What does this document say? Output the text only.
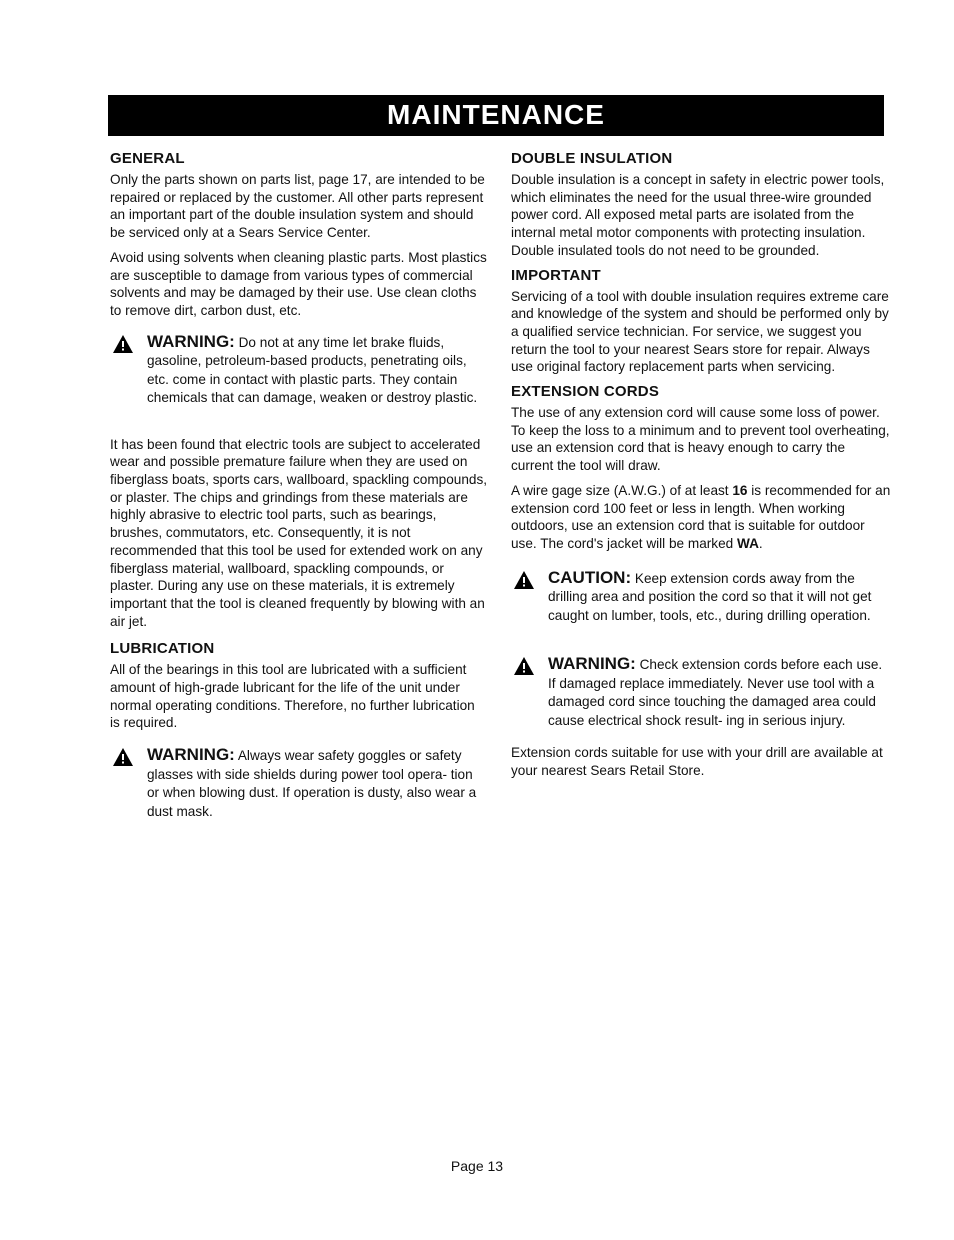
MAINTENANCE
GENERAL

Only the parts shown on parts list, page 17, are intended to be repaired or replaced by the customer. All other parts represent an important part of the double insulation system and should be serviced only at a Sears Service Center.

Avoid using solvents when cleaning plastic parts. Most plastics are susceptible to damage from various types of commercial solvents and may be damaged by their use. Use clean cloths to remove dirt, carbon dust, etc.

WARNING: Do not at any time let brake fluids, gasoline, petroleum-based products, penetrating oils, etc. come in contact with plastic parts. They contain chemicals that can damage, weaken or destroy plastic.

It has been found that electric tools are subject to accelerated wear and possible premature failure when they are used on fiberglass boats, sports cars, wallboard, spackling compounds, or plaster. The chips and grindings from these materials are highly abrasive to electric tool parts, such as bearings, brushes, commutators, etc. Consequently, it is not recommended that this tool be used for extended work on any fiberglass material, wallboard, spackling compounds, or plaster. During any use on these materials, it is extremely important that the tool is cleaned frequently by blowing with an air jet.

LUBRICATION

All of the bearings in this tool are lubricated with a sufficient amount of high-grade lubricant for the life of the unit under normal operating conditions. Therefore, no further lubrication is required.

WARNING: Always wear safety goggles or safety glasses with side shields during power tool opera- tion or when blowing dust. If operation is dusty, also wear a dust mask.

DOUBLE INSULATION

Double insulation is a concept in safety in electric power tools, which eliminates the need for the usual three-wire grounded power cord. All exposed metal parts are isolated from the internal metal motor components with protecting insulation. Double insulated tools do not need to be grounded.

IMPORTANT

Servicing of a tool with double insulation requires extreme care and knowledge of the system and should be performed only by a qualified service technician. For service, we suggest you return the tool to your nearest Sears store for repair. Always use original factory replacement parts when servicing.

EXTENSION CORDS

The use of any extension cord will cause some loss of power. To keep the loss to a minimum and to prevent tool overheating, use an extension cord that is heavy enough to carry the current the tool will draw.

A wire gage size (A.W.G.) of at least 16 is recommended for an extension cord 100 feet or less in length. When working outdoors, use an extension cord that is suitable for outdoor use. The cord's jacket will be marked WA.

CAUTION: Keep extension cords away from the drilling area and position the cord so that it will not get caught on lumber, tools, etc., during drilling operation.

WARNING: Check extension cords before each use. If damaged replace immediately. Never use tool with a damaged cord since touching the damaged area could cause electrical shock result- ing in serious injury.

Extension cords suitable for use with your drill are available at your nearest Sears Retail Store.

Page 13
